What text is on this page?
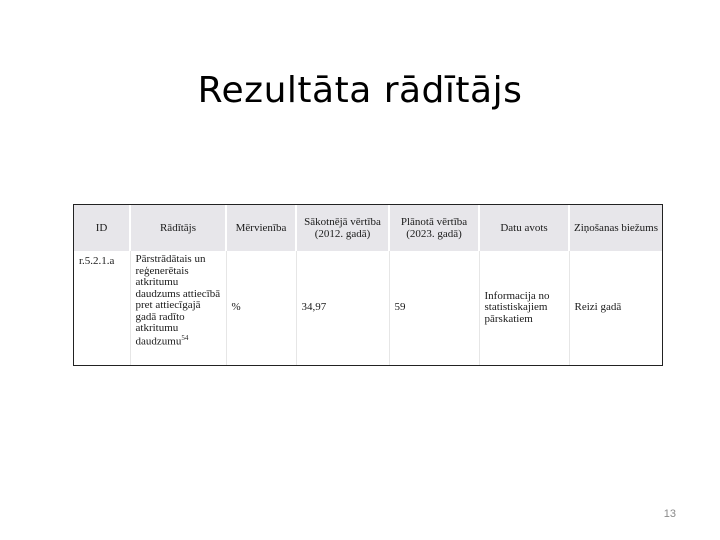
Rezultāta rādītājs
ID	Rādītājs	Mērvienība	Sākotnējā vērtība (2012. gadā)	Plānotā vērtība (2023. gadā)	Datu avots	Ziņošanas biežums
r.5.2.1.a	Pārstrādātais un reģenerētais atkritumu daudzums attiecībā pret attiecīgajā gadā radīto atkritumu daudzumu$^{54}$	%	34,97	59	Informacija no statistiskajiem pārskatiem	Reizi gadā
13
